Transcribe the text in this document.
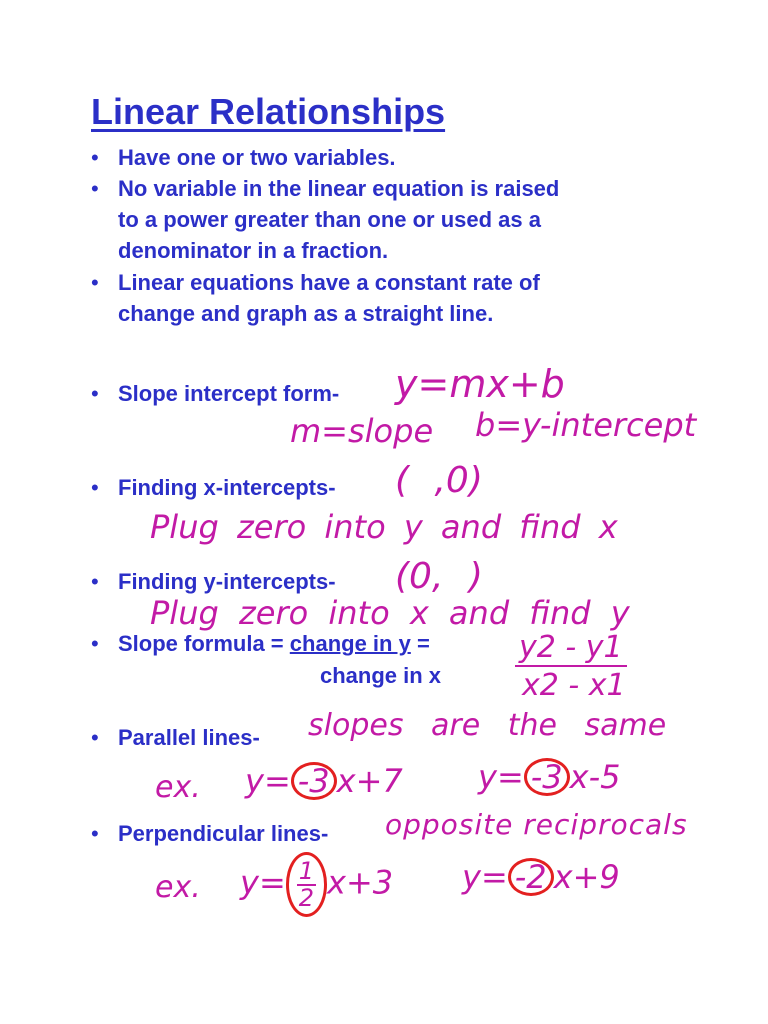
Linear Relationships
• Have one or two variables.
• No variable in the linear equation is raised
to a power greater than one or used as a
denominator in a fraction.
• Linear equations have a constant rate of
change and graph as a straight line.
• Slope intercept form- y=mx+b
m=slope b=y-intercept
• Finding x-intercepts- ( ,0)
Plug zero into y and find x
• Finding y-intercepts- (0, )
Plug zero into x and find y
• Slope formula = change in y =
change in x
y2 - y1
x2 - x1
• Parallel lines- slopes are the same
ex. y= -3 x+7 y= -3 x-5
• Perpendicular lines- opposite reciprocals
ex. $y= \frac{1}{2} x+3$ y= -2 x+9
